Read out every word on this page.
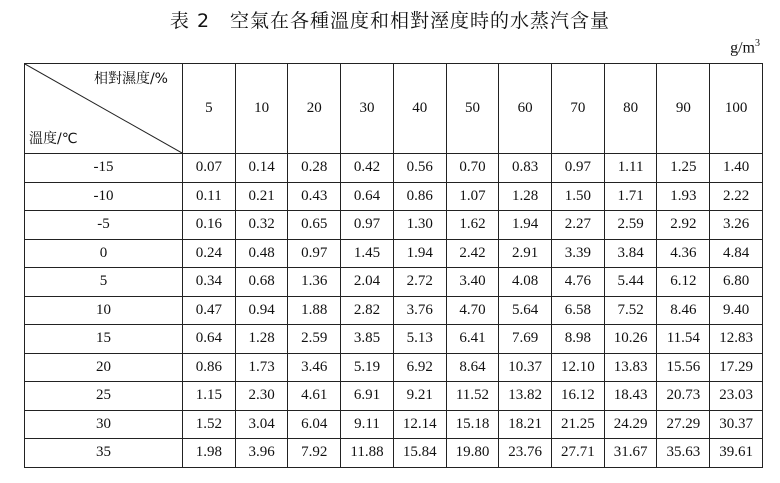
表 2　空氣在各種溫度和相對溼度時的水蒸汽含量
$g/m^3$
相對濕度/%
溫度/℃	5	10	20	30	40	50	60	70	80	90	100
-15	0.07	0.14	0.28	0.42	0.56	0.70	0.83	0.97	1.11	1.25	1.40
-10	0.11	0.21	0.43	0.64	0.86	1.07	1.28	1.50	1.71	1.93	2.22
-5	0.16	0.32	0.65	0.97	1.30	1.62	1.94	2.27	2.59	2.92	3.26
0	0.24	0.48	0.97	1.45	1.94	2.42	2.91	3.39	3.84	4.36	4.84
5	0.34	0.68	1.36	2.04	2.72	3.40	4.08	4.76	5.44	6.12	6.80
10	0.47	0.94	1.88	2.82	3.76	4.70	5.64	6.58	7.52	8.46	9.40
15	0.64	1.28	2.59	3.85	5.13	6.41	7.69	8.98	10.26	11.54	12.83
20	0.86	1.73	3.46	5.19	6.92	8.64	10.37	12.10	13.83	15.56	17.29
25	1.15	2.30	4.61	6.91	9.21	11.52	13.82	16.12	18.43	20.73	23.03
30	1.52	3.04	6.04	9.11	12.14	15.18	18.21	21.25	24.29	27.29	30.37
35	1.98	3.96	7.92	11.88	15.84	19.80	23.76	27.71	31.67	35.63	39.61
